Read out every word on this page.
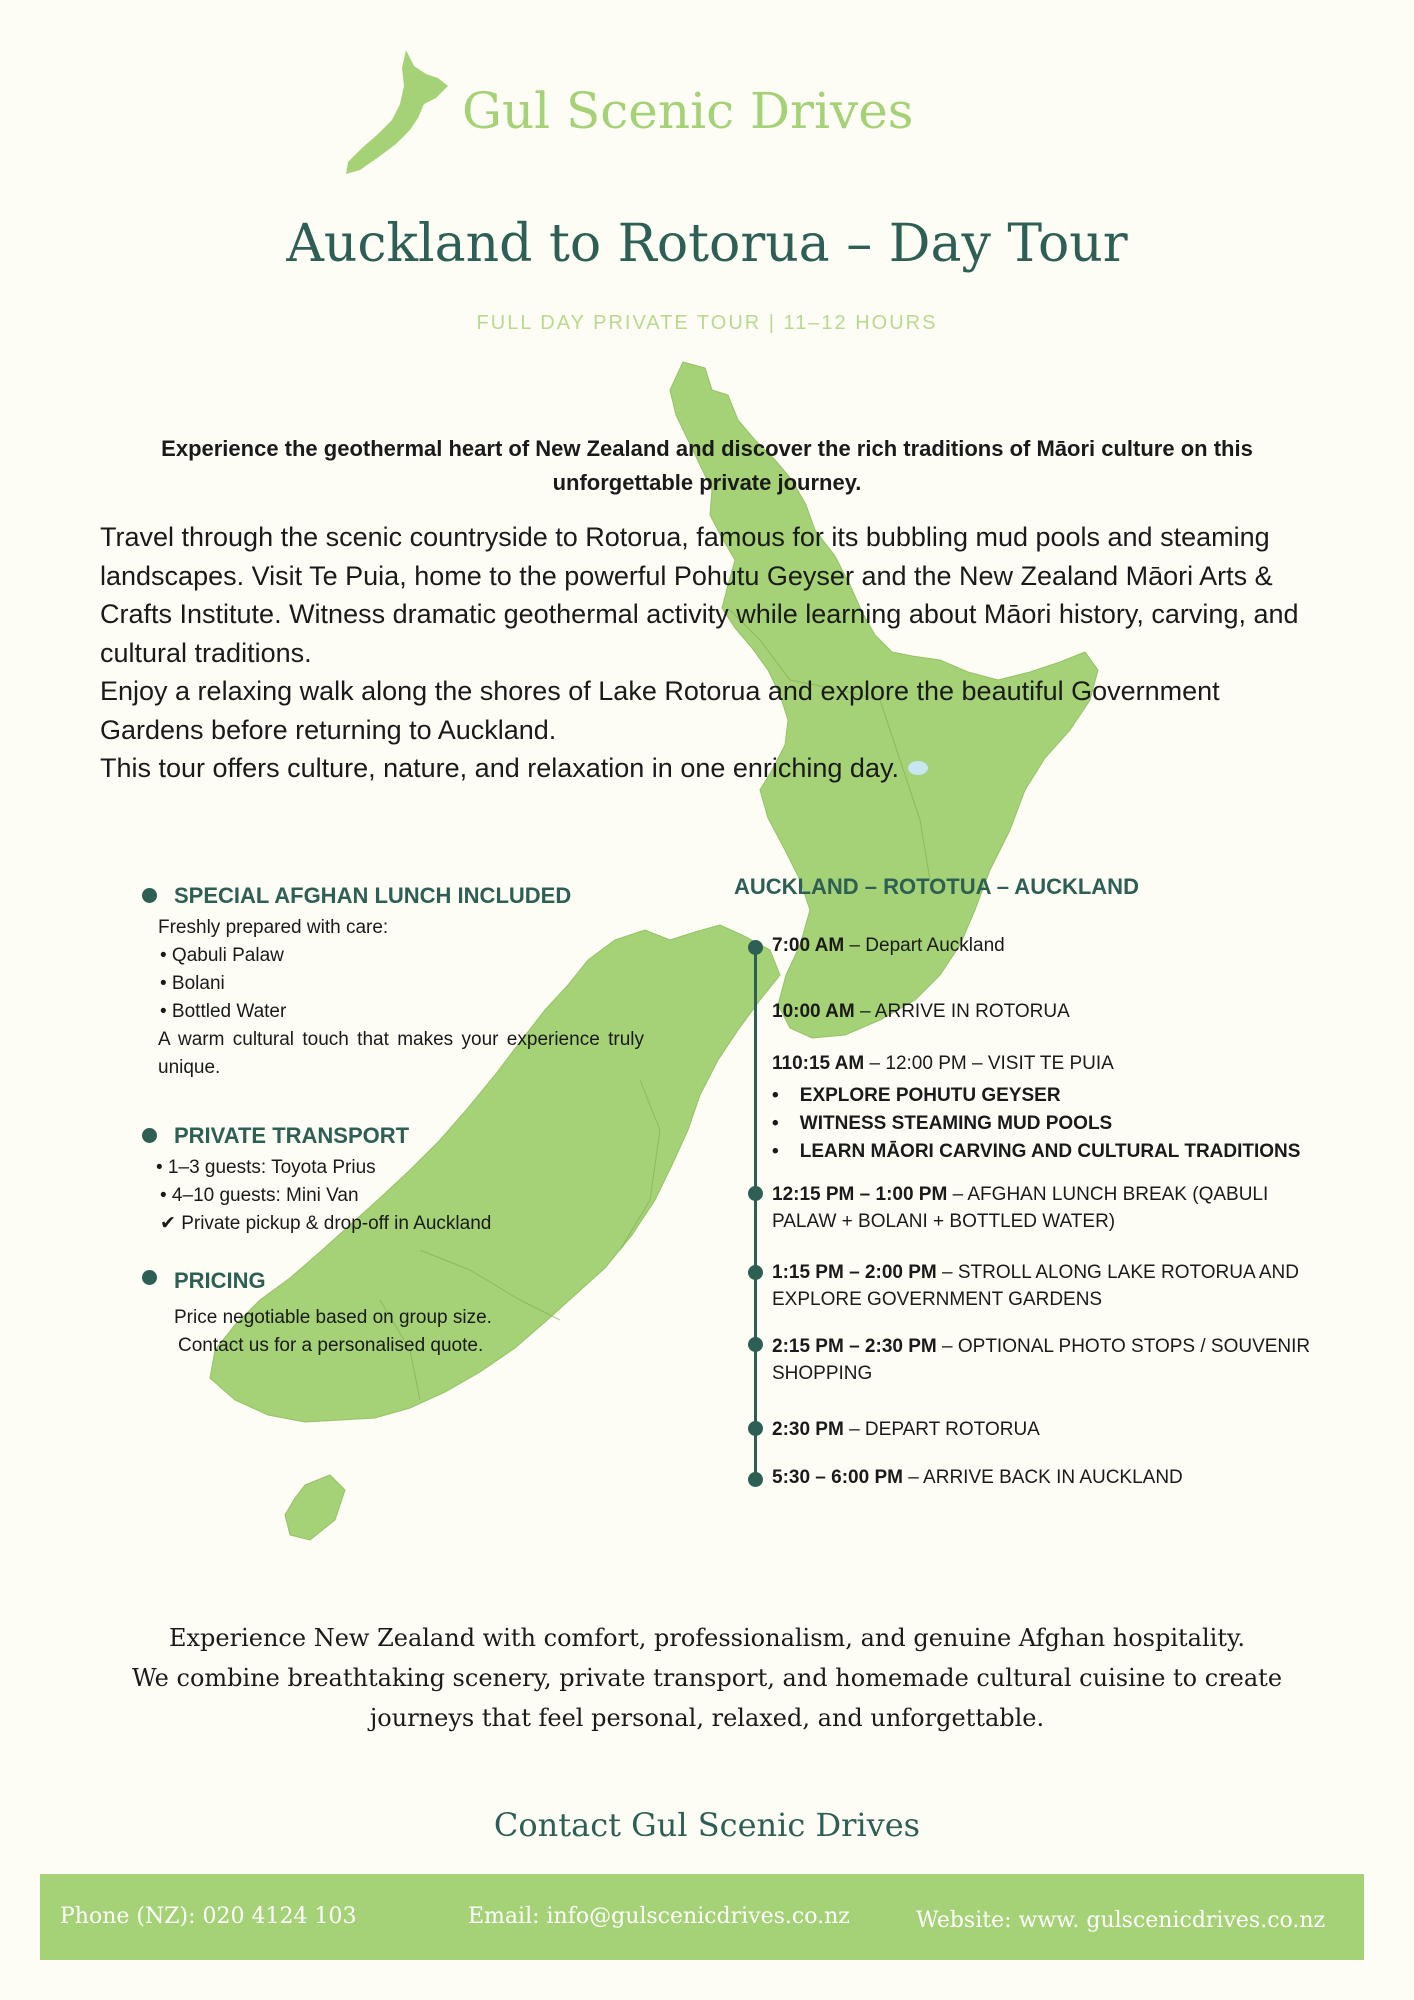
Gul Scenic Drives
Auckland to Rotorua – Day Tour
FULL DAY PRIVATE TOUR | 11–12 HOURS
Experience the geothermal heart of New Zealand and discover the rich traditions of Māori culture on this unforgettable private journey.

Travel through the scenic countryside to Rotorua, famous for its bubbling mud pools and steaming landscapes. Visit Te Puia, home to the powerful Pohutu Geyser and the New Zealand Māori Arts & Crafts Institute. Witness dramatic geothermal activity while learning about Māori history, carving, and cultural traditions.

Enjoy a relaxing walk along the shores of Lake Rotorua and explore the beautiful Government Gardens before returning to Auckland.

This tour offers culture, nature, and relaxation in one enriching day.

SPECIAL AFGHAN LUNCH INCLUDED
Freshly prepared with care:
• Qabuli Palaw
• Bolani
• Bottled Water
A warm cultural touch that makes your experience truly unique.
PRIVATE TRANSPORT
• 1–3 guests: Toyota Prius
• 4–10 guests: Mini Van
✔ Private pickup & drop-off in Auckland
PRICING
Price negotiable based on group size.
Contact us for a personalised quote.
AUCKLAND – ROTOTUA – AUCKLAND
7:00 AM – Depart Auckland
10:00 AM – ARRIVE IN ROTORUA
110:15 AM – 12:00 PM – VISIT TE PUIA
•    EXPLORE POHUTU GEYSER
•    WITNESS STEAMING MUD POOLS
•    LEARN MĀORI CARVING AND CULTURAL TRADITIONS
12:15 PM – 1:00 PM – AFGHAN LUNCH BREAK (QABULI PALAW + BOLANI + BOTTLED WATER)
1:15 PM – 2:00 PM – STROLL ALONG LAKE ROTORUA AND EXPLORE GOVERNMENT GARDENS
2:15 PM – 2:30 PM – OPTIONAL PHOTO STOPS / SOUVENIR SHOPPING
2:30 PM – DEPART ROTORUA
5:30 – 6:00 PM – ARRIVE BACK IN AUCKLAND
Experience New Zealand with comfort, professionalism, and genuine Afghan hospitality.
We combine breathtaking scenery, private transport, and homemade cultural cuisine to create
journeys that feel personal, relaxed, and unforgettable.
Contact Gul Scenic Drives
Phone (NZ): 020 4124 103	Email: info@gulscenicdrives.co.nz	Website: www. gulscenicdrives.co.nz
